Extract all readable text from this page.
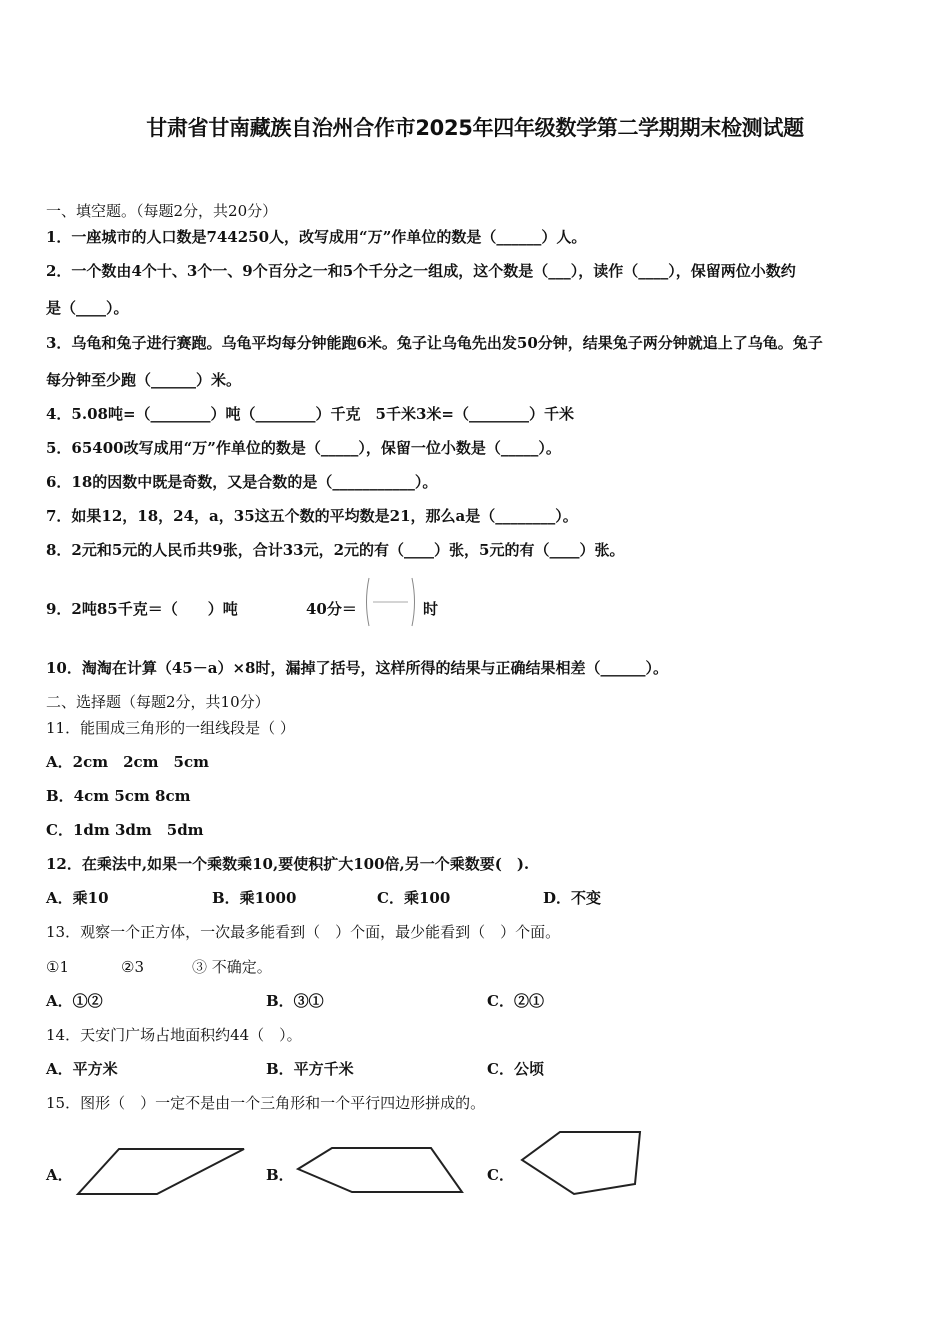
甘肃省甘南藏族自治州合作市2025年四年级数学第二学期期末检测试题
一、填空题。（每题2分，共20分）
1．一座城市的人口数是744250人，改写成用“万”作单位的数是（______）人。
2．一个数由4个十、3个一、9个百分之一和5个千分之一组成，这个数是（___），读作（____），保留两位小数约
是（____）。
3．乌龟和兔子进行赛跑。乌龟平均每分钟能跑6米。兔子让乌龟先出发50分钟，结果兔子两分钟就追上了乌龟。兔子
每分钟至少跑（______）米。
4．5.08吨=（________）吨（________）千克　5千米3米=（________）千米
5．65400改写成用“万”作单位的数是（_____），保留一位小数是（_____）。
6．18的因数中既是奇数，又是合数的是（___________）。
7．如果12，18，24，a，35这五个数的平均数是21，那么a是（________）。
8．2元和5元的人民币共9张，合计33元，2元的有（____）张，5元的有（____）张。
9．2吨85千克＝（　　）吨	40分＝	时
10．淘淘在计算（45－a）×8时，漏掉了括号，这样所得的结果与正确结果相差（______）。
二、选择题（每题2分，共10分）
11．能围成三角形的一组线段是（ ）
A．2cm　2cm　5cm
B．4cm 5cm 8cm
C．1dm 3dm　5dm
12．在乘法中,如果一个乘数乘10,要使积扩大100倍,另一个乘数要(　).
A．乘10	B．乘1000	C．乘100	D．不变
13．观察一个正方体，一次最多能看到（　）个面，最少能看到（　）个面。
①1	②3	③ 不确定。
A．①②	B．③①	C．②①
14．天安门广场占地面积约44（　）。
A．平方米	B．平方千米	C．公顷
15．图形（　）一定不是由一个三角形和一个平行四边形拼成的。
A．	B．	C．
